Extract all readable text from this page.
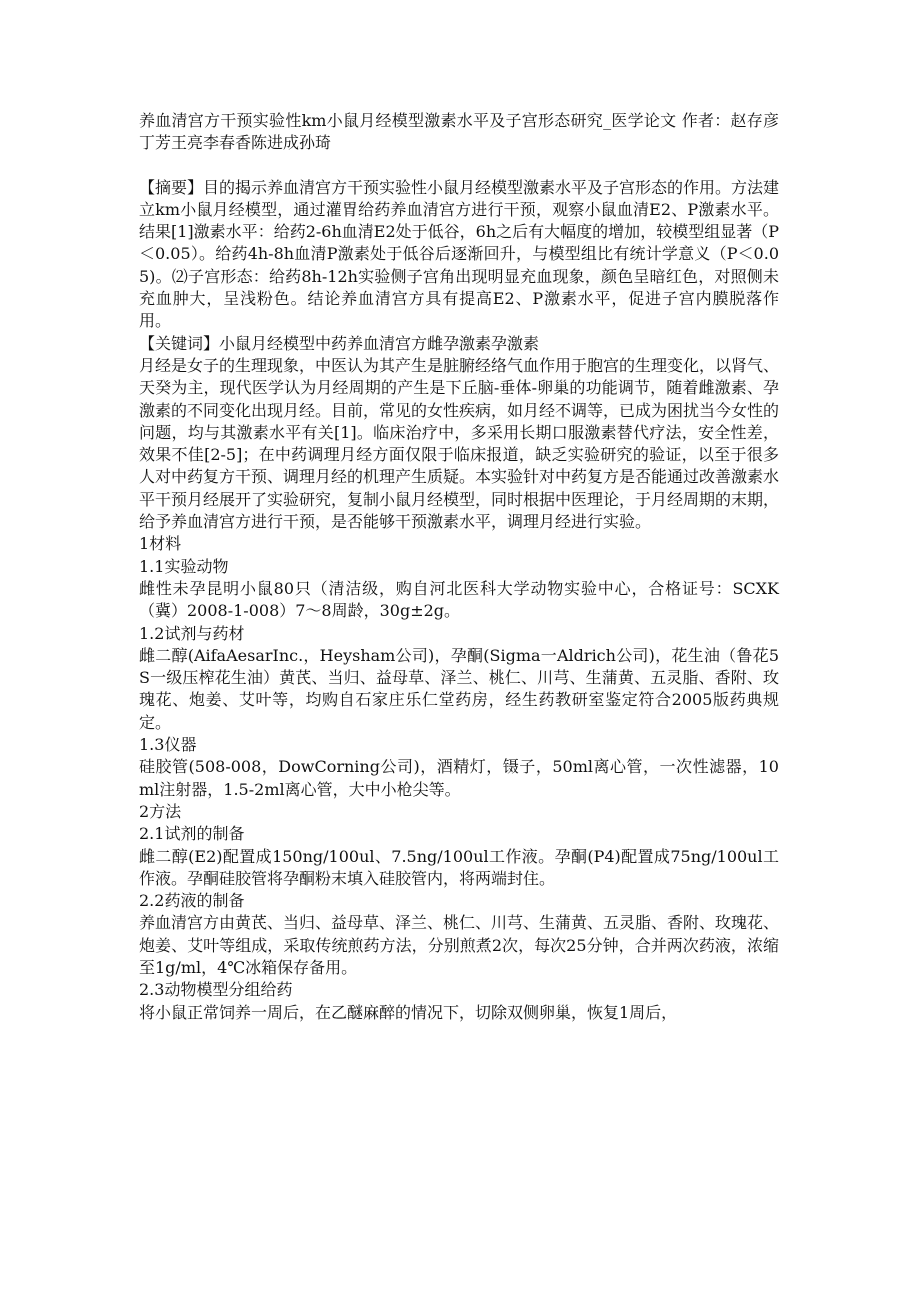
养血清宫方干预实验性km小鼠月经模型激素水平及子宫形态研究_医学论文 作者：赵存彦丁芳王亮李春香陈进成孙琦

【摘要】目的揭示养血清宫方干预实验性小鼠月经模型激素水平及子宫形态的作用。方法建立km小鼠月经模型，通过灌胃给药养血清宫方进行干预，观察小鼠血清E2、P激素水平。结果[1]激素水平：给药2-6h血清E2处于低谷，6h之后有大幅度的增加，较模型组显著（P＜0.05）。给药4h-8h血清P激素处于低谷后逐渐回升，与模型组比有统计学意义（P＜0.05)。⑵子宫形态：给药8h-12h实验侧子宫角出现明显充血现象，颜色呈暗红色，对照侧未充血肿大，呈浅粉色。结论养血清宫方具有提高E2、P激素水平，促进子宫内膜脱落作用。

【关键词】小鼠月经模型中药养血清宫方雌孕激素孕激素

月经是女子的生理现象，中医认为其产生是脏腑经络气血作用于胞宫的生理变化，以肾气、天癸为主，现代医学认为月经周期的产生是下丘脑-垂体-卵巢的功能调节，随着雌激素、孕激素的不同变化出现月经。目前，常见的女性疾病，如月经不调等，已成为困扰当今女性的问题，均与其激素水平有关[1]。临床治疗中，多采用长期口服激素替代疗法，安全性差，效果不佳[2-5]；在中药调理月经方面仅限于临床报道，缺乏实验研究的验证，以至于很多人对中药复方干预、调理月经的机理产生质疑。本实验针对中药复方是否能通过改善激素水平干预月经展开了实验研究，复制小鼠月经模型，同时根据中医理论，于月经周期的末期，给予养血清宫方进行干预，是否能够干预激素水平，调理月经进行实验。

1材料

1.1实验动物

雌性未孕昆明小鼠80只（清洁级，购自河北医科大学动物实验中心，合格证号：SCXK（冀）2008-1-008）7～8周龄，30g±2g。

1.2试剂与药材

雌二醇(AifaAesarInc.，Heysham公司)，孕酮(Sigma一Aldrich公司)，花生油（鲁花5S一级压榨花生油）黄芪、当归、益母草、泽兰、桃仁、川芎、生蒲黄、五灵脂、香附、玫瑰花、炮姜、艾叶等，均购自石家庄乐仁堂药房，经生药教研室鉴定符合2005版药典规定。

1.3仪器

硅胶管(508-008，DowCorning公司)，酒精灯，镊子，50ml离心管，一次性滤器，10ml注射器，1.5-2ml离心管，大中小枪尖等。

2方法

2.1试剂的制备

雌二醇(E2)配置成150ng/100ul、7.5ng/100ul工作液。孕酮(P4)配置成75ng/100ul工作液。孕酮硅胶管将孕酮粉末填入硅胶管内，将两端封住。

2.2药液的制备

养血清宫方由黄芪、当归、益母草、泽兰、桃仁、川芎、生蒲黄、五灵脂、香附、玫瑰花、炮姜、艾叶等组成，采取传统煎药方法，分别煎煮2次，每次25分钟，合并两次药液，浓缩至1g/ml，4℃冰箱保存备用。

2.3动物模型分组给药

将小鼠正常饲养一周后，在乙醚麻醉的情况下，切除双侧卵巢，恢复1周后，
